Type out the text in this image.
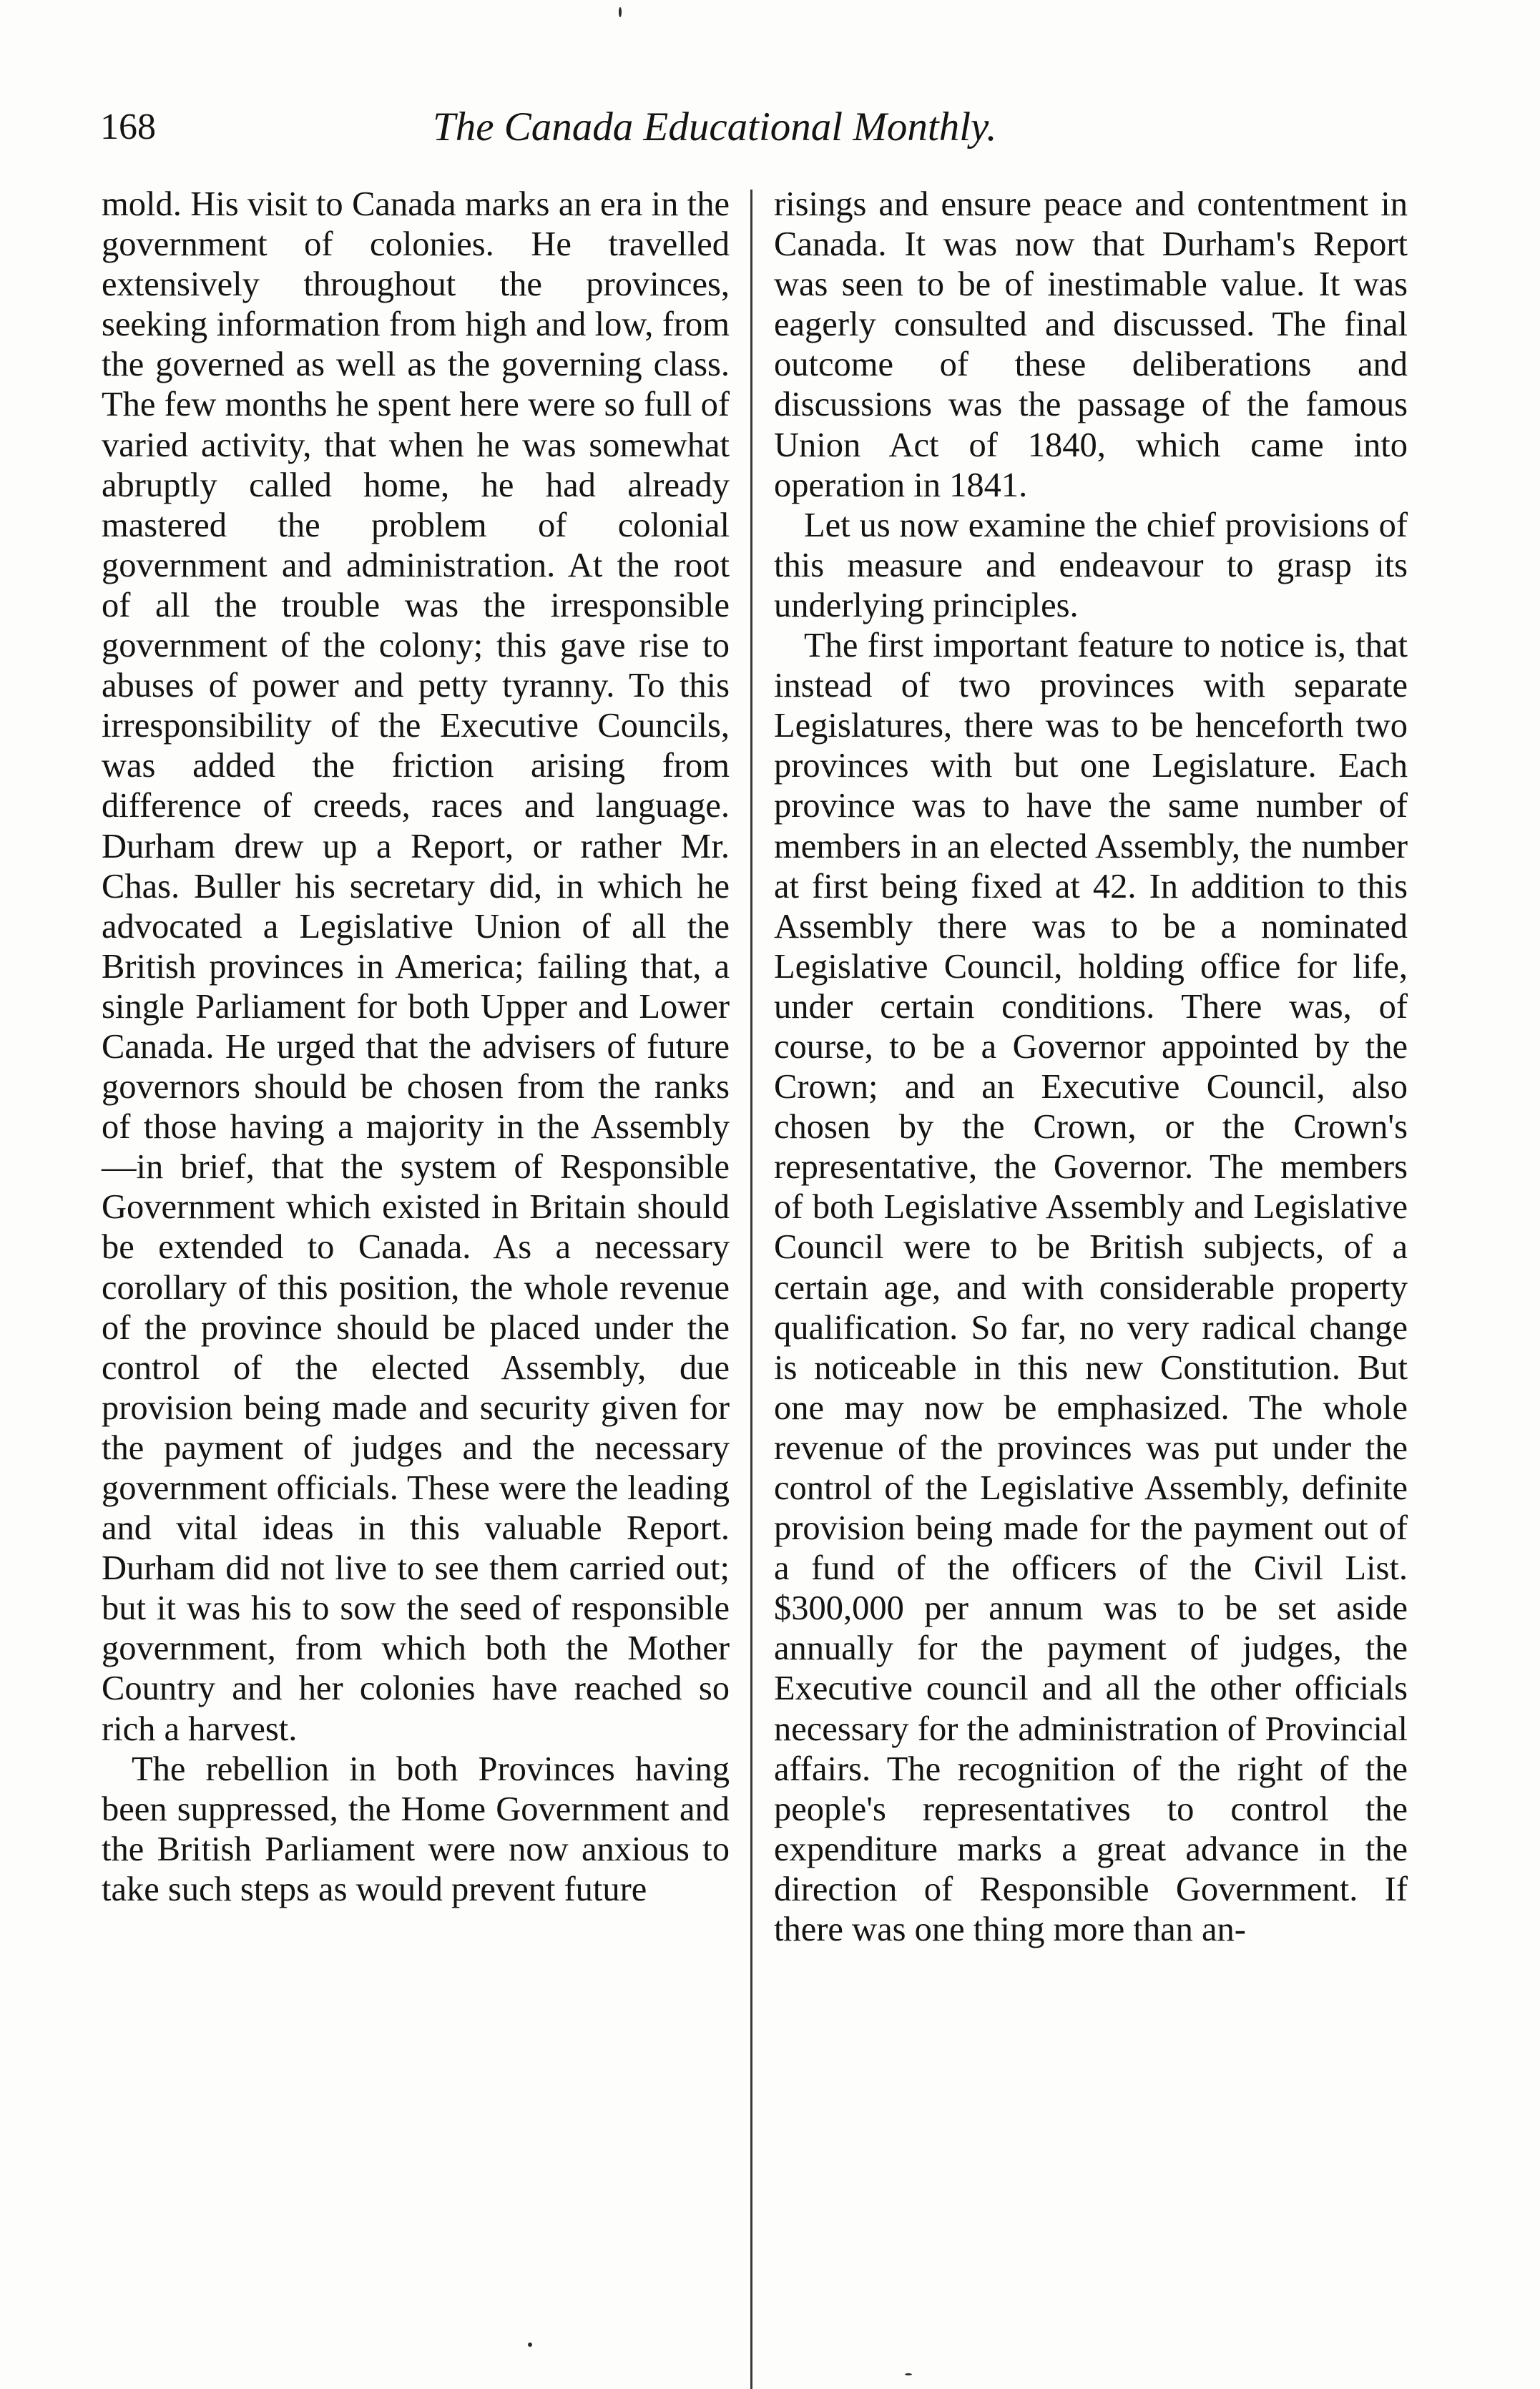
168	The Canada Educational Monthly.

mold. His visit to Canada marks an era in the government of colonies. He travelled extensively throughout the provinces, seeking information from high and low, from the governed as well as the governing class. The few months he spent here were so full of varied activity, that when he was somewhat abruptly called home, he had already mastered the problem of colonial government and administration. At the root of all the trouble was the irresponsible government of the colony; this gave rise to abuses of power and petty tyranny. To this irresponsibility of the Executive Councils, was added the friction arising from difference of creeds, races and language. Durham drew up a Report, or rather Mr. Chas. Buller his secretary did, in which he advocated a Legislative Union of all the British provinces in America; failing that, a single Parliament for both Upper and Lower Canada. He urged that the advisers of future governors should be chosen from the ranks of those having a majority in the Assembly—in brief, that the system of Responsible Government which existed in Britain should be extended to Canada. As a necessary corollary of this position, the whole revenue of the province should be placed under the control of the elected Assembly, due provision being made and security given for the payment of judges and the necessary government officials. These were the leading and vital ideas in this valuable Report. Durham did not live to see them carried out; but it was his to sow the seed of responsible government, from which both the Mother Country and her colonies have reached so rich a harvest.

The rebellion in both Provinces having been suppressed, the Home Government and the British Parliament were now anxious to take such steps as would prevent future

risings and ensure peace and contentment in Canada. It was now that Durham's Report was seen to be of inestimable value. It was eagerly consulted and discussed. The final outcome of these deliberations and discussions was the passage of the famous Union Act of 1840, which came into operation in 1841.

Let us now examine the chief provisions of this measure and endeavour to grasp its underlying principles.

The first important feature to notice is, that instead of two provinces with separate Legislatures, there was to be henceforth two provinces with but one Legislature. Each province was to have the same number of members in an elected Assembly, the number at first being fixed at 42. In addition to this Assembly there was to be a nominated Legislative Council, holding office for life, under certain conditions. There was, of course, to be a Governor appointed by the Crown; and an Executive Council, also chosen by the Crown, or the Crown's representative, the Governor. The members of both Legislative Assembly and Legislative Council were to be British subjects, of a certain age, and with considerable property qualification. So far, no very radical change is noticeable in this new Constitution. But one may now be emphasized. The whole revenue of the provinces was put under the control of the Legislative Assembly, definite provision being made for the payment out of a fund of the officers of the Civil List. $300,000 per annum was to be set aside annually for the payment of judges, the Executive council and all the other officials necessary for the administration of Provincial affairs. The recognition of the right of the people's representatives to control the expenditure marks a great advance in the direction of Responsible Government. If there was one thing more than an-
